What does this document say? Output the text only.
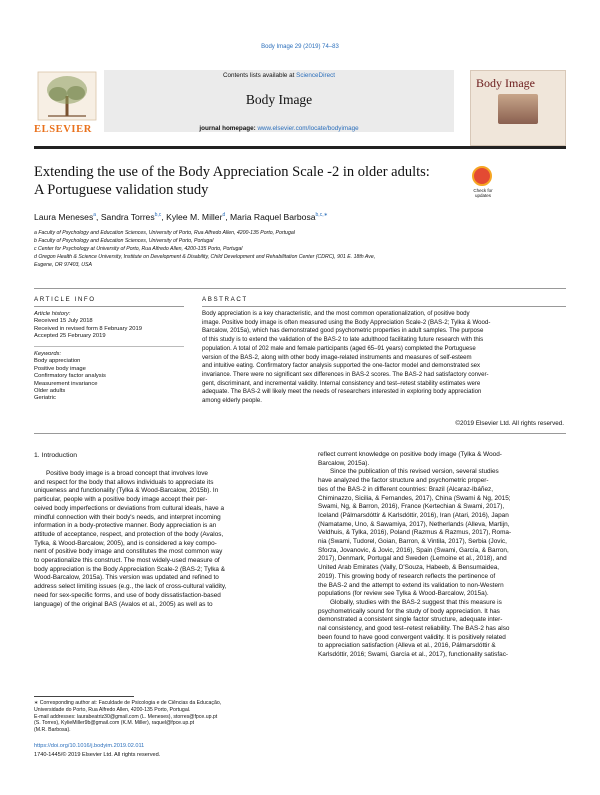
Body Image 29 (2019) 74–83
ELSEVIER
Contents lists available at ScienceDirect
Body Image
journal homepage: www.elsevier.com/locate/bodyimage
Body Image
Extending the use of the Body Appreciation Scale -2 in older adults:
A Portuguese validation study	Check for updates
Laura Meneses$^a$, Sandra Torres$^{b,c}$, Kylee M. Miller$^d$, Maria Raquel Barbosa$^{b,c,∗}$
a Faculty of Psychology and Education Sciences, University of Porto, Rua Alfredo Allen, 4200-135 Porto, Portugal
b Faculty of Psychology and Education Sciences, University of Porto, Portugal
c Center for Psychology at University of Porto, Rua Alfredo Allen, 4200-135 Porto, Portugal
d Oregon Health & Science University, Institute on Development & Disability, Child Development and Rehabilitation Center (CDRC), 901 E. 18th Ave,
Eugene, OR 97403, USA
ARTICLE INFO
Article history:
Received 15 July 2018
Received in revised form 8 February 2019
Accepted 25 February 2019
Keywords:
Body appreciation
Positive body image
Confirmatory factor analysis
Measurement invariance
Older adults
Geriatric
ABSTRACT
Body appreciation is a key characteristic, and the most common operationalization, of positive body
image. Positive body image is often measured using the Body Appreciation Scale-2 (BAS-2; Tylka & Wood-
Barcalow, 2015a), which has demonstrated good psychometric properties in adult samples. The purpose
of this study is to extend the validation of the BAS-2 to late adulthood facilitating future research with this
population. A total of 202 male and female participants (aged 65–91 years) completed the Portuguese
version of the BAS-2, along with other body image-related instruments and measures of self-esteem
and intuitive eating. Confirmatory factor analysis supported the one-factor model and demonstrated sex
invariance. There were no significant sex differences in BAS-2 scores. The BAS-2 had satisfactory conver-
gent, discriminant, and incremental validity. Internal consistency and test–retest stability estimates were
adequate. The BAS-2 will likely meet the needs of researchers interested in exploring body appreciation
among elderly people.
©2019 Elsevier Ltd. All rights reserved.
1. Introduction
Positive body image is a broad concept that involves love
and respect for the body that allows individuals to appreciate its
uniqueness and functionality (Tylka & Wood-Barcalow, 2015b). In
particular, people with a positive body image accept their per-
ceived body imperfections or deviations from cultural ideals, have a
mindful connection with their body's needs, and interpret incoming
information in a body-protective manner. Body appreciation is an
attitude of acceptance, respect, and protection of the body (Avalos,
Tylka, & Wood-Barcalow, 2005), and is considered a key compo-
nent of positive body image and constitutes the most common way
to operationalize this construct. The most widely-used measure of
body appreciation is the Body Appreciation Scale-2 (BAS-2; Tylka &
Wood-Barcalow, 2015a). This version was updated and refined to
address select limiting issues (e.g., the lack of cross-cultural validity,
need for sex-specific forms, and use of body dissatisfaction-based
language) of the original BAS (Avalos et al., 2005) as well as to
reflect current knowledge on positive body image (Tylka & Wood-
Barcalow, 2015a).
Since the publication of this revised version, several studies
have analyzed the factor structure and psychometric proper-
ties of the BAS-2 in different countries: Brazil (Alcaraz-Ibáñez,
Chiminazzo, Sicilia, & Fernandes, 2017), China (Swami & Ng, 2015;
Swami, Ng, & Barron, 2016), France (Kertechian & Swami, 2017),
Iceland (Pálmarsdóttir & Karlsdóttir, 2016), Iran (Atari, 2016), Japan
(Namatame, Uno, & Sawamiya, 2017), Netherlands (Alleva, Martijn,
Veldhuis, & Tylka, 2016), Poland (Razmus & Razmus, 2017), Roma-
nia (Swami, Tudorel, Goian, Barron, & Vintila, 2017), Serbia (Jovic,
Sforza, Jovanovic, & Jovic, 2016), Spain (Swami, García, & Barron,
2017), Denmark, Portugal and Sweden (Lemoine et al., 2018), and
United Arab Emirates (Vally, D'Souza, Habeeb, & Bensumaidea,
2019). This growing body of research reflects the pertinence of
the BAS-2 and the attempt to extend its validation to non-Western
populations (for review see Tylka & Wood-Barcalow, 2015a).
Globally, studies with the BAS-2 suggest that this measure is
psychometrically sound for the study of body appreciation. It has
demonstrated a consistent single factor structure, adequate inter-
nal consistency, and good test–retest reliability. The BAS-2 has also
been found to have good convergent validity. It is positively related
to appreciation satisfaction (Alleva et al., 2016, Pálmarsdóttir &
Karlsdóttir, 2016; Swami, García et al., 2017), functionality satisfac-
∗ Corresponding author at: Faculdade de Psicologia e de Ciências da Educação,
Universidade do Porto, Rua Alfredo Allen, 4200-135 Porto, Portugal.
E-mail addresses: laurabeatriz30@gmail.com (L. Meneses), storres@fpce.up.pt
(S. Torres), KylieMiller9b@gmail.com (K.M. Miller), raquel@fpce.up.pt
(M.R. Barbosa).
https://doi.org/10.1016/j.bodyim.2019.02.011
1740-1445/© 2019 Elsevier Ltd. All rights reserved.
